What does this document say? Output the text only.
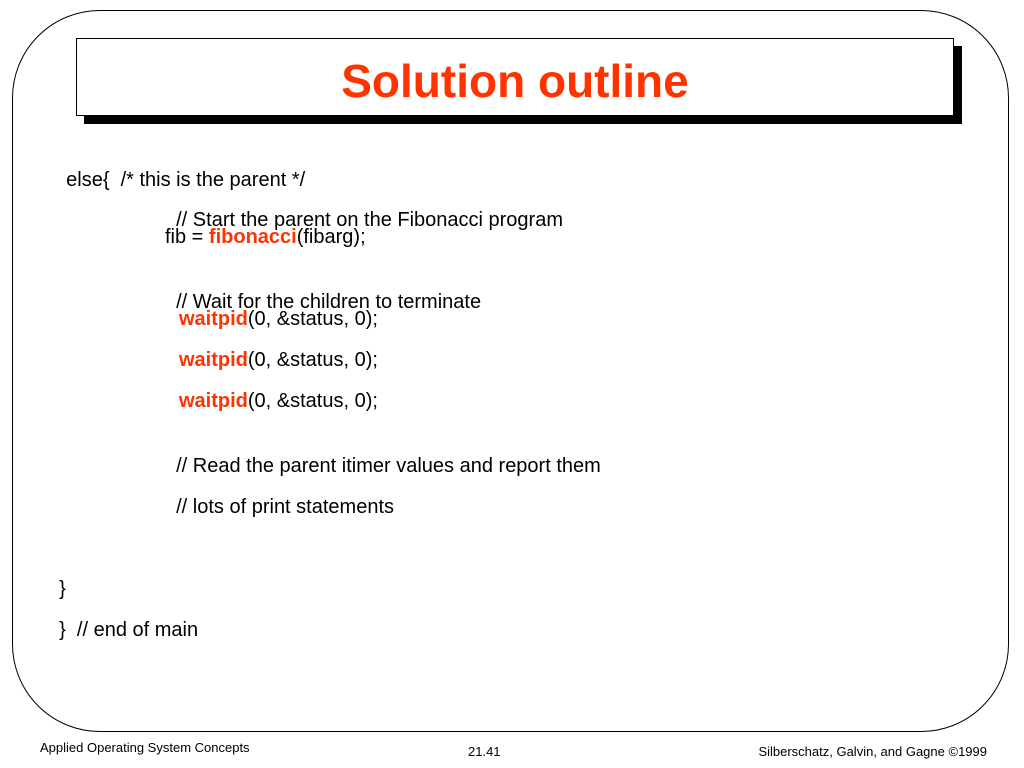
Solution outline

else{  /* this is the parent */

// Start the parent on the Fibonacci program

fib = fibonacci(fibarg);

// Wait for the children to terminate

waitpid(0, &status, 0);
waitpid(0, &status, 0);
waitpid(0, &status, 0);

// Read the parent itimer values and report them

// lots of print statements

}

}  // end of main

Applied Operating System Concepts	21.41	Silberschatz, Galvin, and Gagne ©1999
